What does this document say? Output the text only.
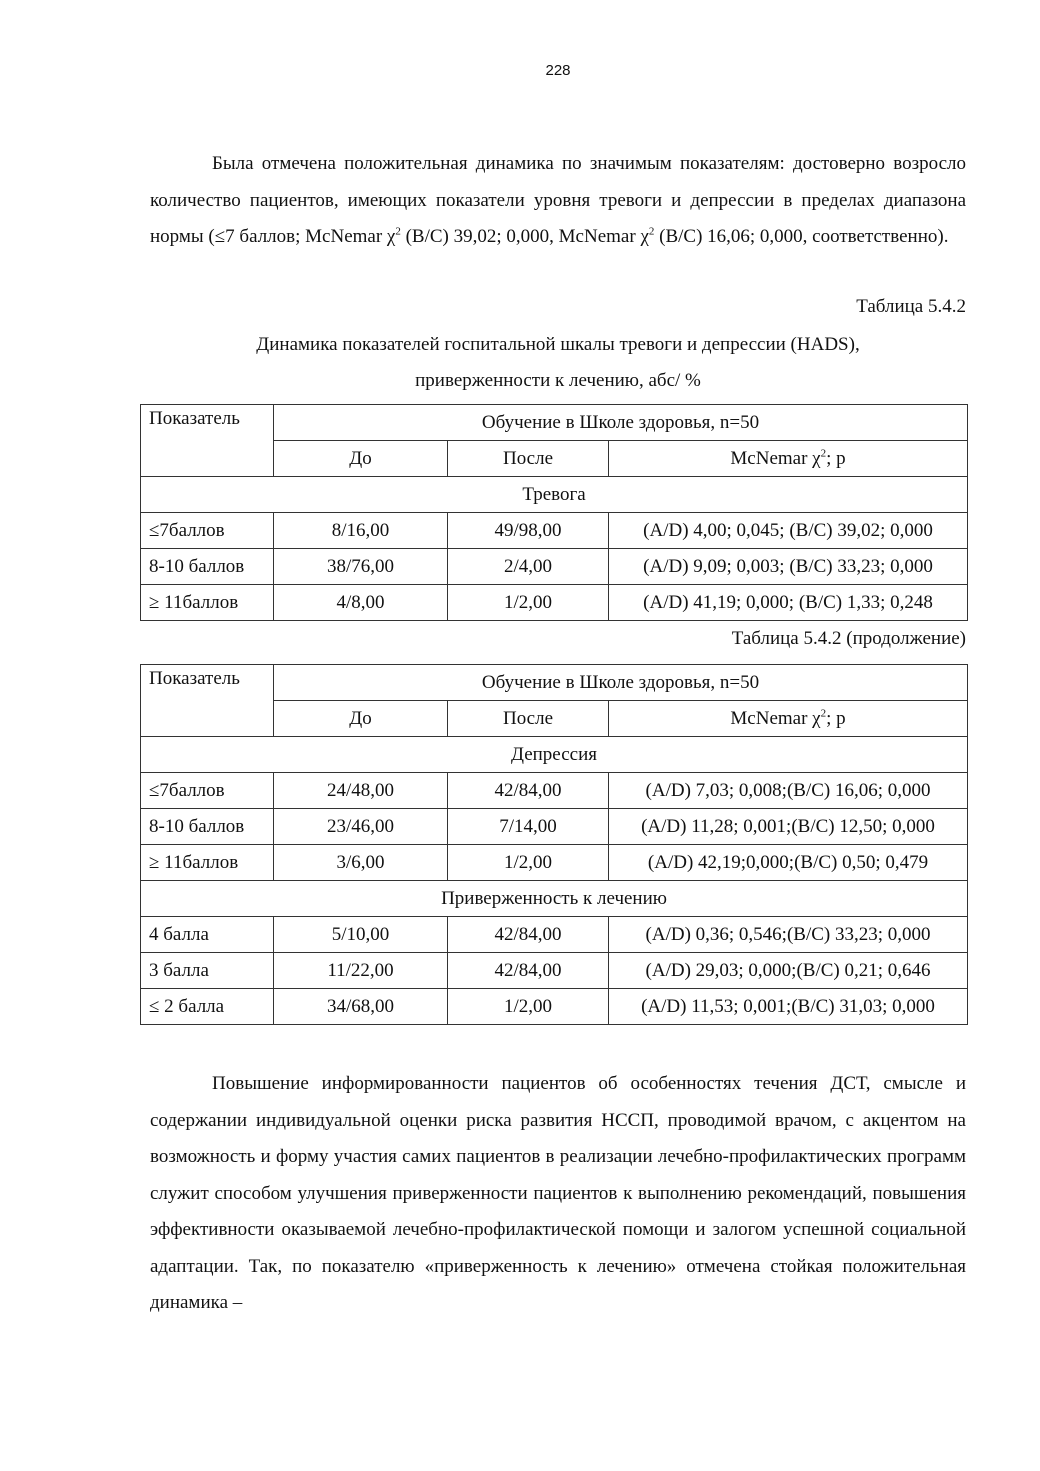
228

Была отмечена положительная динамика по значимым показателям: достоверно возросло количество пациентов, имеющих показатели уровня тревоги и депрессии в пределах диапазона нормы (≤7 баллов; McNemar $\chi^2$ (B/C) 39,02; 0,000, McNemar $\chi^2$ (B/C) 16,06; 0,000, соответственно).

Таблица 5.4.2
Динамика показателей госпитальной шкалы тревоги и депрессии (HADS),
приверженности к лечению, абс/ %
Показатель	Обучение в Школе здоровья, n=50		
	До	После	McNemar $\chi^2$; p
Тревога			
≤7баллов	8/16,00	49/98,00	(A/D) 4,00; 0,045; (B/C) 39,02; 0,000
8-10 баллов	38/76,00	2/4,00	(A/D) 9,09; 0,003; (B/C) 33,23; 0,000
≥ 11баллов	4/8,00	1/2,00	(A/D) 41,19; 0,000; (B/C) 1,33; 0,248
Таблица 5.4.2 (продолжение)
Показатель	Обучение в Школе здоровья, n=50		
	До	После	McNemar $\chi^2$; p
Депрессия			
≤7баллов	24/48,00	42/84,00	(A/D) 7,03; 0,008;(B/C) 16,06; 0,000
8-10 баллов	23/46,00	7/14,00	(A/D) 11,28; 0,001;(B/C) 12,50; 0,000
≥ 11баллов	3/6,00	1/2,00	(A/D) 42,19;0,000;(B/C) 0,50; 0,479
Приверженность к лечению			
4 балла	5/10,00	42/84,00	(A/D) 0,36; 0,546;(B/C) 33,23; 0,000
3 балла	11/22,00	42/84,00	(A/D) 29,03; 0,000;(B/C) 0,21; 0,646
≤ 2 балла	34/68,00	1/2,00	(A/D) 11,53; 0,001;(B/C) 31,03; 0,000

Повышение информированности пациентов об особенностях течения ДСТ, смысле и содержании индивидуальной оценки риска развития НССП, проводимой врачом, с акцентом на возможность и форму участия самих пациентов в реализации лечебно-профилактических программ служит способом улучшения приверженности пациентов к выполнению рекомендаций, повышения эффективности оказываемой лечебно-профилактической помощи и залогом успешной социальной адаптации. Так, по показателю «приверженность к лечению» отмечена стойкая положительная динамика –
